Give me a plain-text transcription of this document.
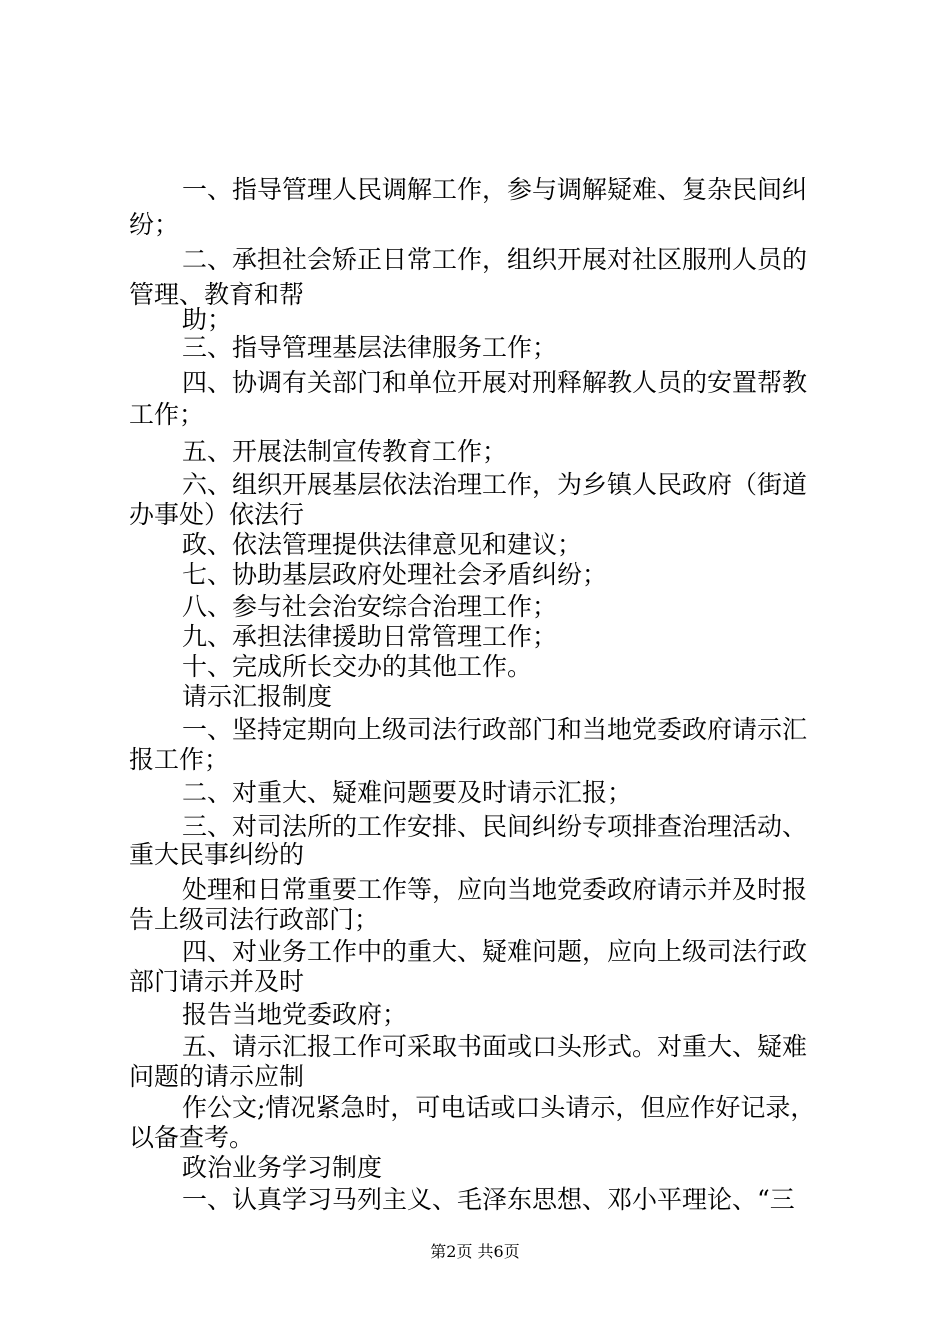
一、指导管理人民调解工作，参与调解疑难、复杂民间纠
纷；
二、承担社会矫正日常工作，组织开展对社区服刑人员的
管理、教育和帮
助；
三、指导管理基层法律服务工作；
四、协调有关部门和单位开展对刑释解教人员的安置帮教
工作；
五、开展法制宣传教育工作；
六、组织开展基层依法治理工作，为乡镇人民政府（街道
办事处）依法行
政、依法管理提供法律意见和建议；
七、协助基层政府处理社会矛盾纠纷；
八、参与社会治安综合治理工作；
九、承担法律援助日常管理工作；
十、完成所长交办的其他工作。
请示汇报制度
一、坚持定期向上级司法行政部门和当地党委政府请示汇
报工作；
二、对重大、疑难问题要及时请示汇报；
三、对司法所的工作安排、民间纠纷专项排查治理活动、
重大民事纠纷的
处理和日常重要工作等，应向当地党委政府请示并及时报
告上级司法行政部门；
四、对业务工作中的重大、疑难问题，应向上级司法行政
部门请示并及时
报告当地党委政府；
五、请示汇报工作可采取书面或口头形式。对重大、疑难
问题的请示应制
作公文;情况紧急时，可电话或口头请示，但应作好记录，
以备查考。
政治业务学习制度
一、认真学习马列主义、毛泽东思想、邓小平理论、“三
第2页 共6页
